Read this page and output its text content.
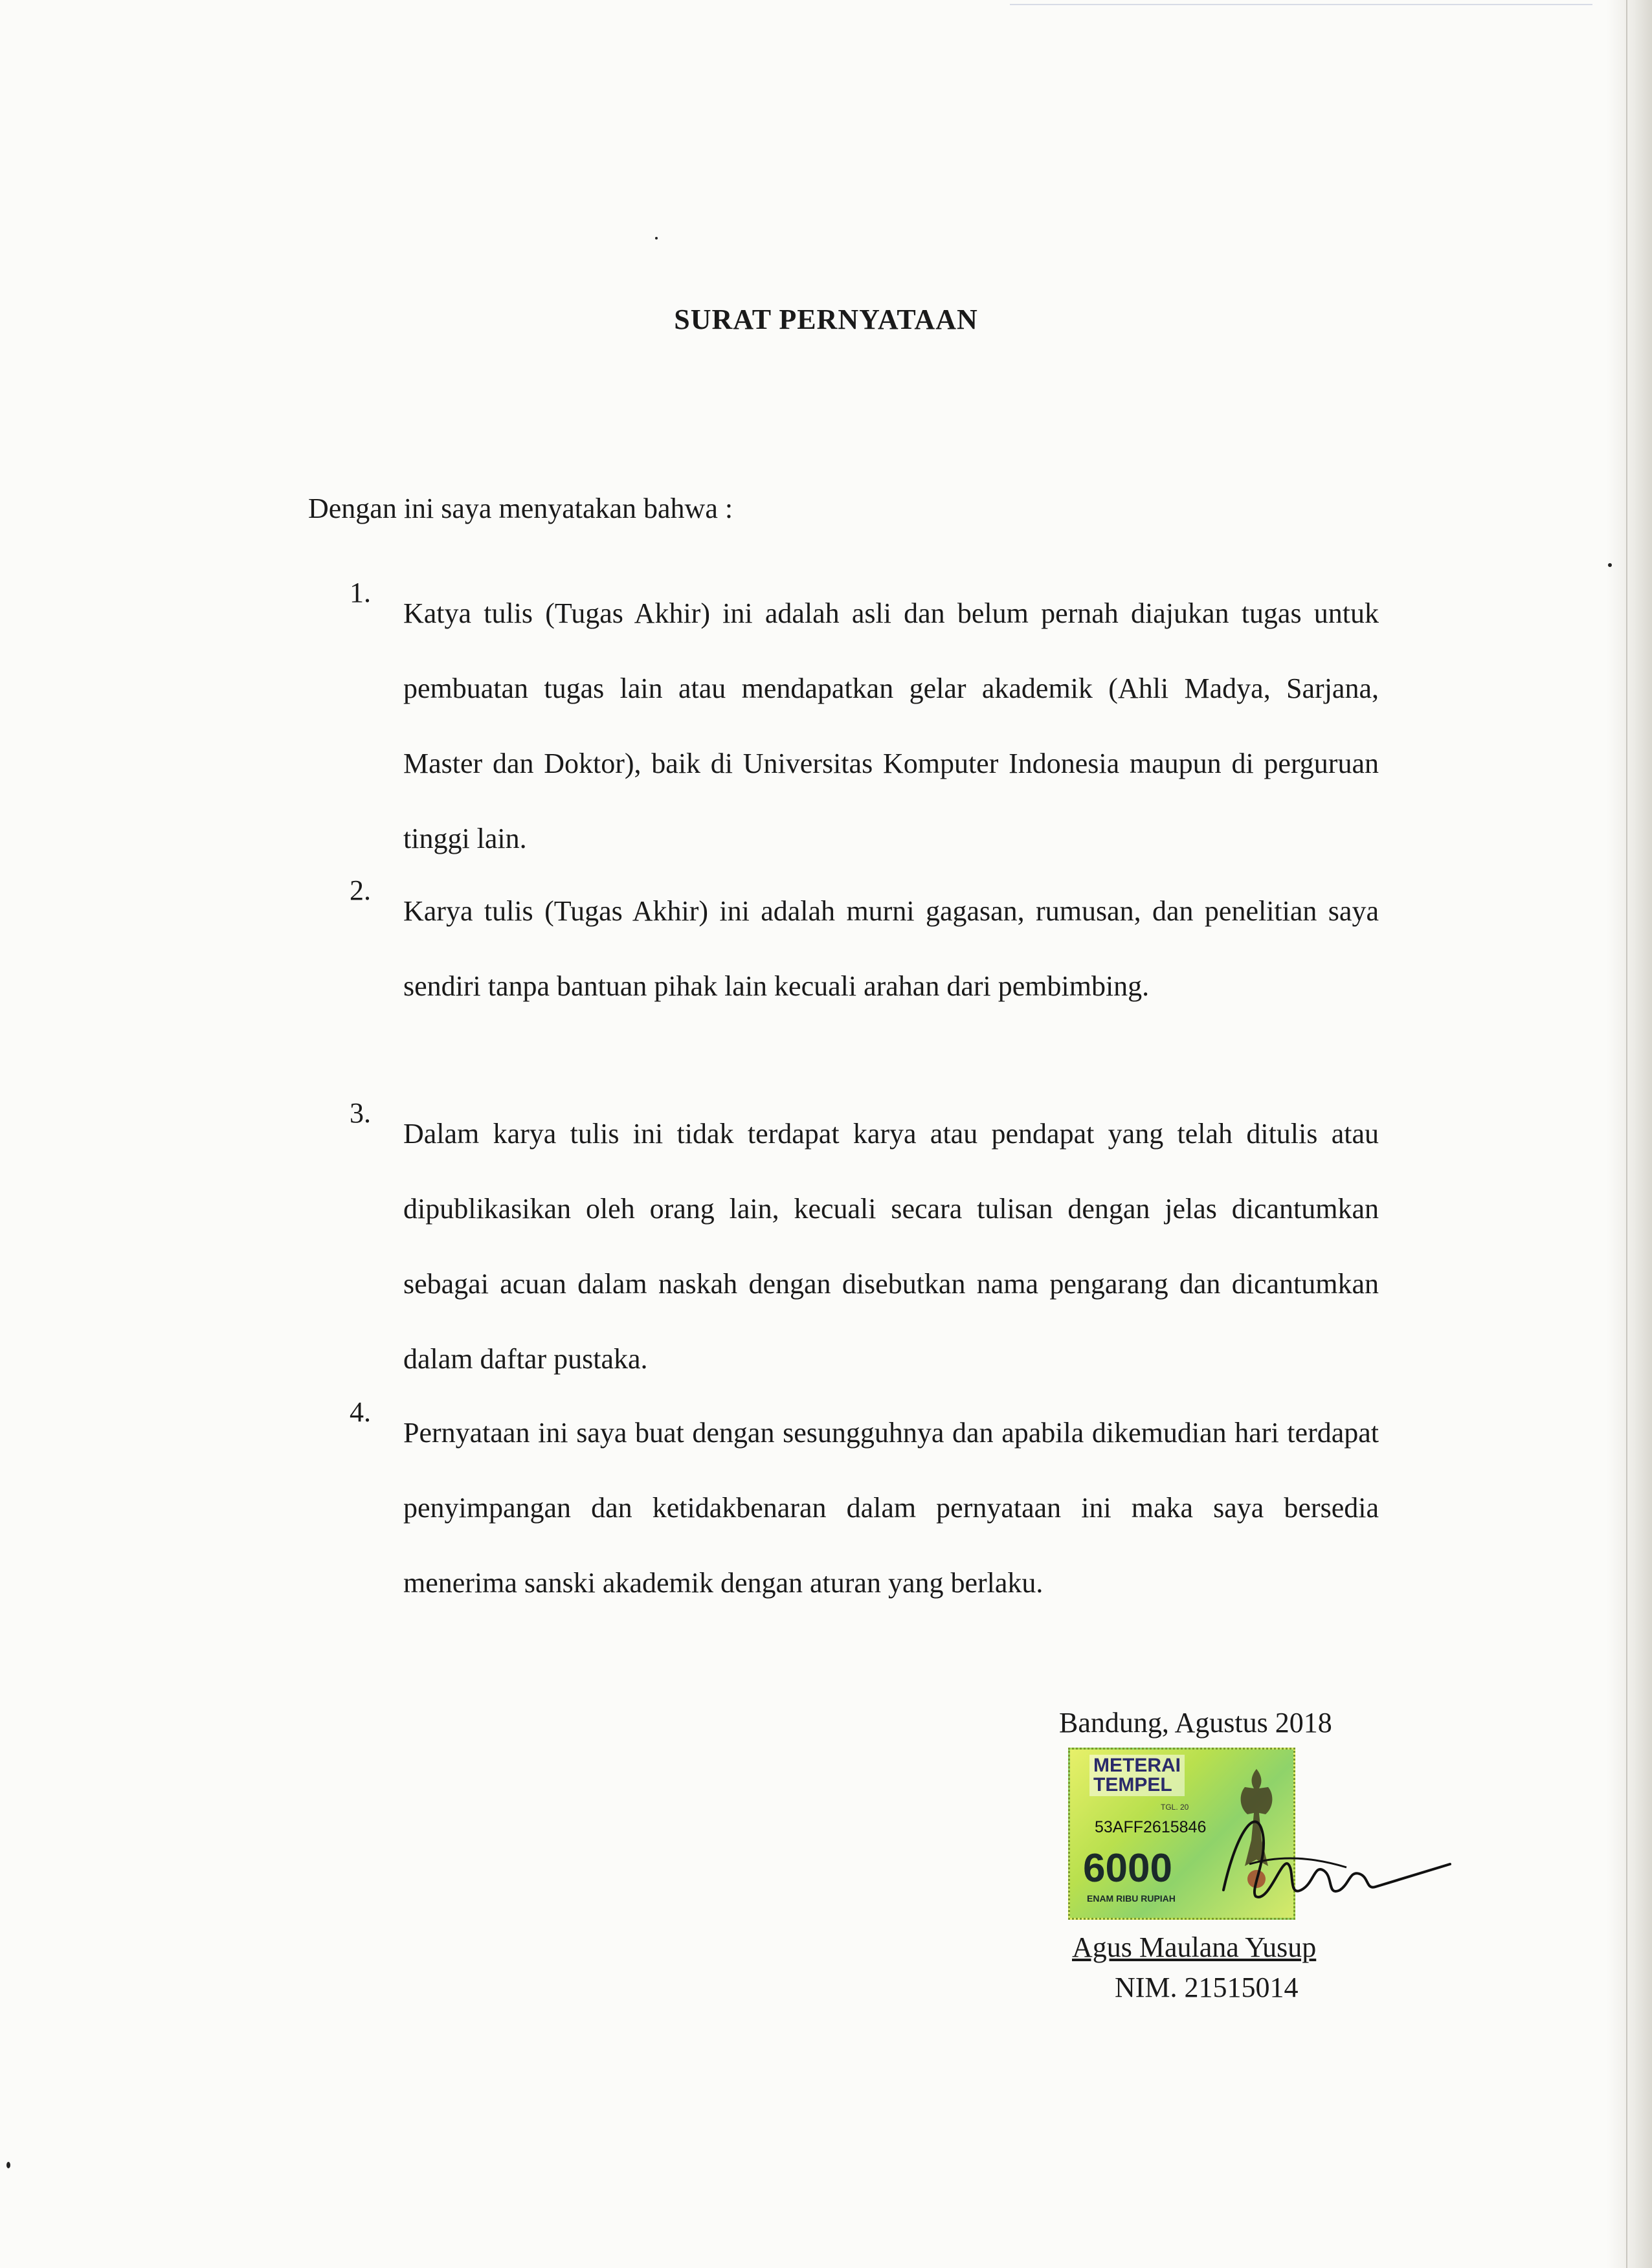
SURAT PERNYATAAN
Dengan ini saya menyatakan bahwa :
1.
Katya tulis (Tugas Akhir) ini adalah asli dan belum pernah diajukan tugas untuk pembuatan tugas lain atau mendapatkan gelar akademik (Ahli Madya, Sarjana, Master dan Doktor), baik di Universitas Komputer Indonesia maupun di perguruan tinggi lain.
2.
Karya tulis (Tugas Akhir) ini adalah murni gagasan, rumusan, dan penelitian saya sendiri tanpa bantuan pihak lain kecuali arahan dari pembimbing.
3.
Dalam karya tulis ini tidak terdapat karya atau pendapat yang telah ditulis atau dipublikasikan oleh orang lain, kecuali secara tulisan dengan jelas dicantumkan sebagai acuan dalam naskah dengan disebutkan nama pengarang dan dicantumkan dalam daftar pustaka.
4.
Pernyataan ini saya buat dengan sesungguhnya dan apabila dikemudian hari terdapat penyimpangan dan ketidakbenaran dalam pernyataan ini maka saya bersedia menerima sanski akademik dengan aturan yang berlaku.
Bandung, Agustus 2018
METERAI
TEMPEL
TGL. 20
53AFF2615846
6000
ENAM RIBU RUPIAH
Agus Maulana Yusup
NIM. 21515014
